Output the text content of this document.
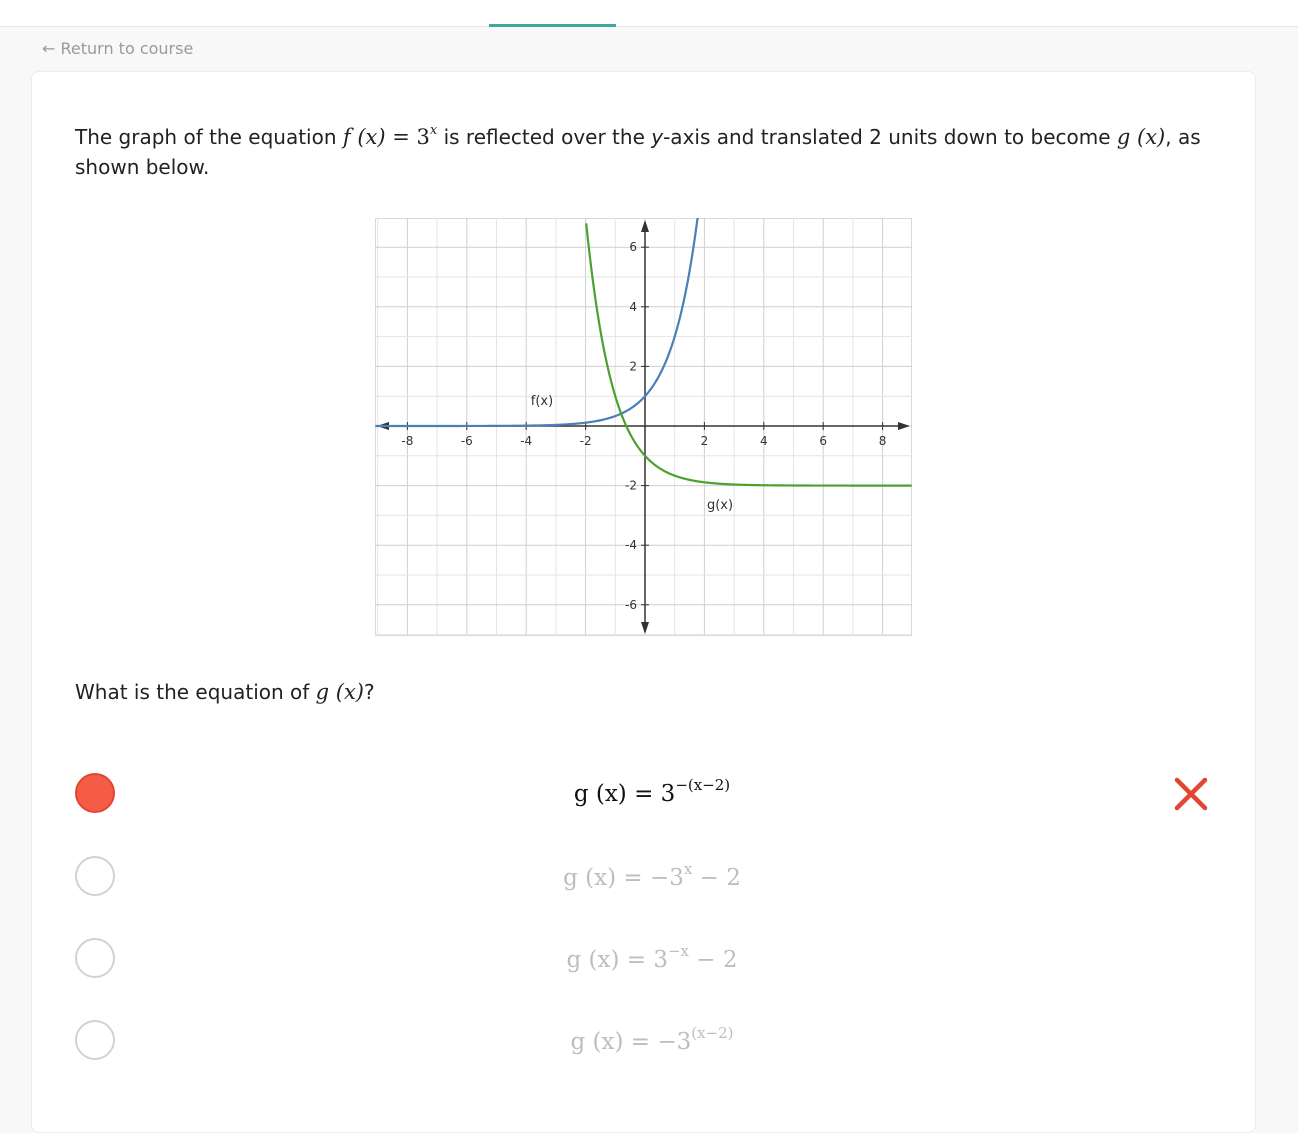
← Return to course
The graph of the equation f $(x) = 3^x$ is reflected over the y-axis and translated 2 units down to become g (x), as shown below.
-8	-6	-4	-2	2	4	6	8
6
4
2
-2
-4
-6
f(x)
g(x)
What is the equation of g (x)?
g $(x) = 3^{-(x-2)}$
g $(x) = -3^x - 2$
g $(x) = 3^{-x} - 2$
g $(x) = -3^{(x-2)}$
